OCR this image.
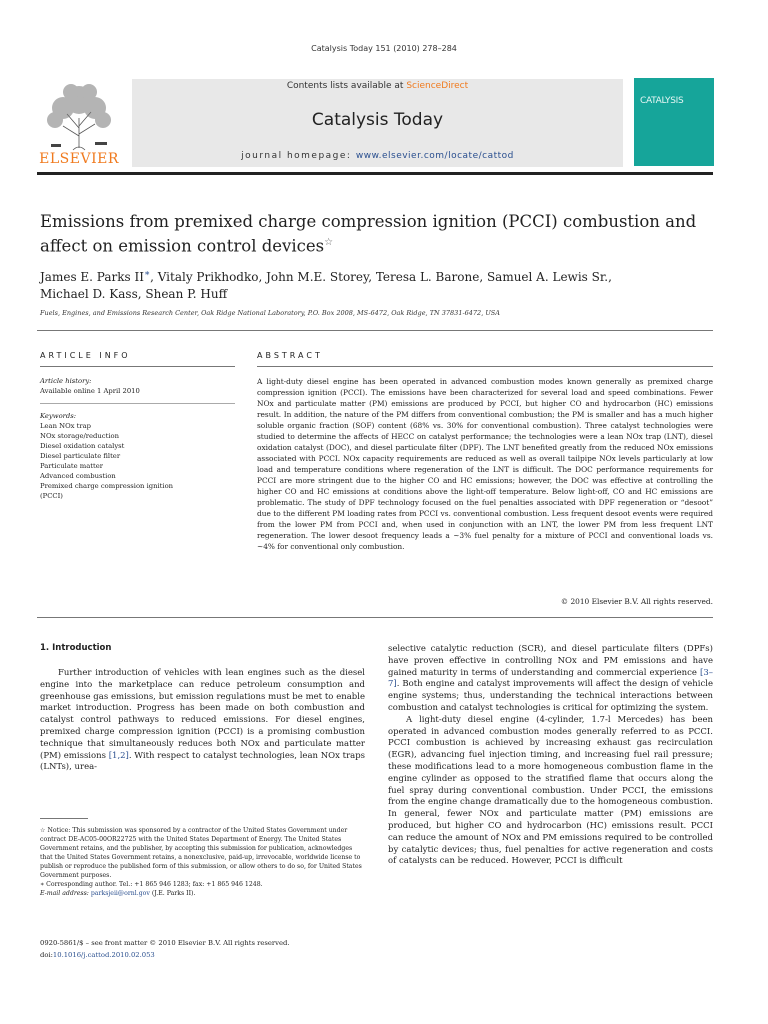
Catalysis Today 151 (2010) 278–284
ELSEVIER
Contents lists available at ScienceDirect
Catalysis Today
journal homepage: www.elsevier.com/locate/cattod
CATALYSIS
Emissions from premixed charge compression ignition (PCCI) combustion and affect on emission control devices☆
James E. Parks II∗, Vitaly Prikhodko, John M.E. Storey, Teresa L. Barone, Samuel A. Lewis Sr.,
Michael D. Kass, Shean P. Huff
Fuels, Engines, and Emissions Research Center, Oak Ridge National Laboratory, P.O. Box 2008, MS-6472, Oak Ridge, TN 37831-6472, USA
ARTICLE INFO
Article history:
Available online 1 April 2010
Keywords:
Lean NOx trap
NOx storage/reduction
Diesel oxidation catalyst
Diesel particulate filter
Particulate matter
Advanced combustion
Premixed charge compression ignition
(PCCI)
ABSTRACT
A light-duty diesel engine has been operated in advanced combustion modes known generally as premixed charge compression ignition (PCCI). The emissions have been characterized for several load and speed combinations. Fewer NOx and particulate matter (PM) emissions are produced by PCCI, but higher CO and hydrocarbon (HC) emissions result. In addition, the nature of the PM differs from conventional combustion; the PM is smaller and has a much higher soluble organic fraction (SOF) content (68% vs. 30% for conventional combustion). Three catalyst technologies were studied to determine the affects of HECC on catalyst performance; the technologies were a lean NOx trap (LNT), diesel oxidation catalyst (DOC), and diesel particulate filter (DPF). The LNT benefited greatly from the reduced NOx emissions associated with PCCI. NOx capacity requirements are reduced as well as overall tailpipe NOx levels particularly at low load and temperature conditions where regeneration of the LNT is difficult. The DOC performance requirements for PCCI are more stringent due to the higher CO and HC emissions; however, the DOC was effective at controlling the higher CO and HC emissions at conditions above the light-off temperature. Below light-off, CO and HC emissions are problematic. The study of DPF technology focused on the fuel penalties associated with DPF regeneration or “desoot” due to the different PM loading rates from PCCI vs. conventional combustion. Less frequent desoot events were required from the lower PM from PCCI and, when used in conjunction with an LNT, the lower PM from less frequent LNT regeneration. The lower desoot frequency leads a ~3% fuel penalty for a mixture of PCCI and conventional loads vs. ~4% for conventional only combustion.
© 2010 Elsevier B.V. All rights reserved.
1. Introduction

Further introduction of vehicles with lean engines such as the diesel engine into the marketplace can reduce petroleum consumption and greenhouse gas emissions, but emission regulations must be met to enable market introduction. Progress has been made on both combustion and catalyst control pathways to reduced emissions. For diesel engines, premixed charge compression ignition (PCCI) is a promising combustion technique that simultaneously reduces both NOx and particulate matter (PM) emissions [1,2]. With respect to catalyst technologies, lean NOx traps (LNTs), urea-

selective catalytic reduction (SCR), and diesel particulate filters (DPFs) have proven effective in controlling NOx and PM emissions and have gained maturity in terms of understanding and commercial experience [3–7]. Both engine and catalyst improvements will affect the design of vehicle engine systems; thus, understanding the technical interactions between combustion and catalyst technologies is critical for optimizing the system.

A light-duty diesel engine (4-cylinder, 1.7-l Mercedes) has been operated in advanced combustion modes generally referred to as PCCI. PCCI combustion is achieved by increasing exhaust gas recirculation (EGR), advancing fuel injection timing, and increasing fuel rail pressure; these modifications lead to a more homogeneous combustion flame in the engine cylinder as opposed to the stratified flame that occurs along the fuel spray during conventional combustion. Under PCCI, the emissions from the engine change dramatically due to the homogeneous combustion. In general, fewer NOx and particulate matter (PM) emissions are produced, but higher CO and hydrocarbon (HC) emissions result. PCCI can reduce the amount of NOx and PM emissions required to be controlled by catalytic devices; thus, fuel penalties for active regeneration and costs of catalysts can be reduced. However, PCCI is difficult

☆ Notice: This submission was sponsored by a contractor of the United States Government under contract DE-AC05-00OR22725 with the United States Department of Energy. The United States Government retains, and the publisher, by accepting this submission for publication, acknowledges that the United States Government retains, a nonexclusive, paid-up, irrevocable, worldwide license to publish or reproduce the published form of this submission, or allow others to do so, for United States Government purposes.

∗ Corresponding author. Tel.: +1 865 946 1283; fax: +1 865 946 1248.

E-mail address: parksjeii@ornl.gov (J.E. Parks II).

0920-5861/$ – see front matter © 2010 Elsevier B.V. All rights reserved.
doi:10.1016/j.cattod.2010.02.053
